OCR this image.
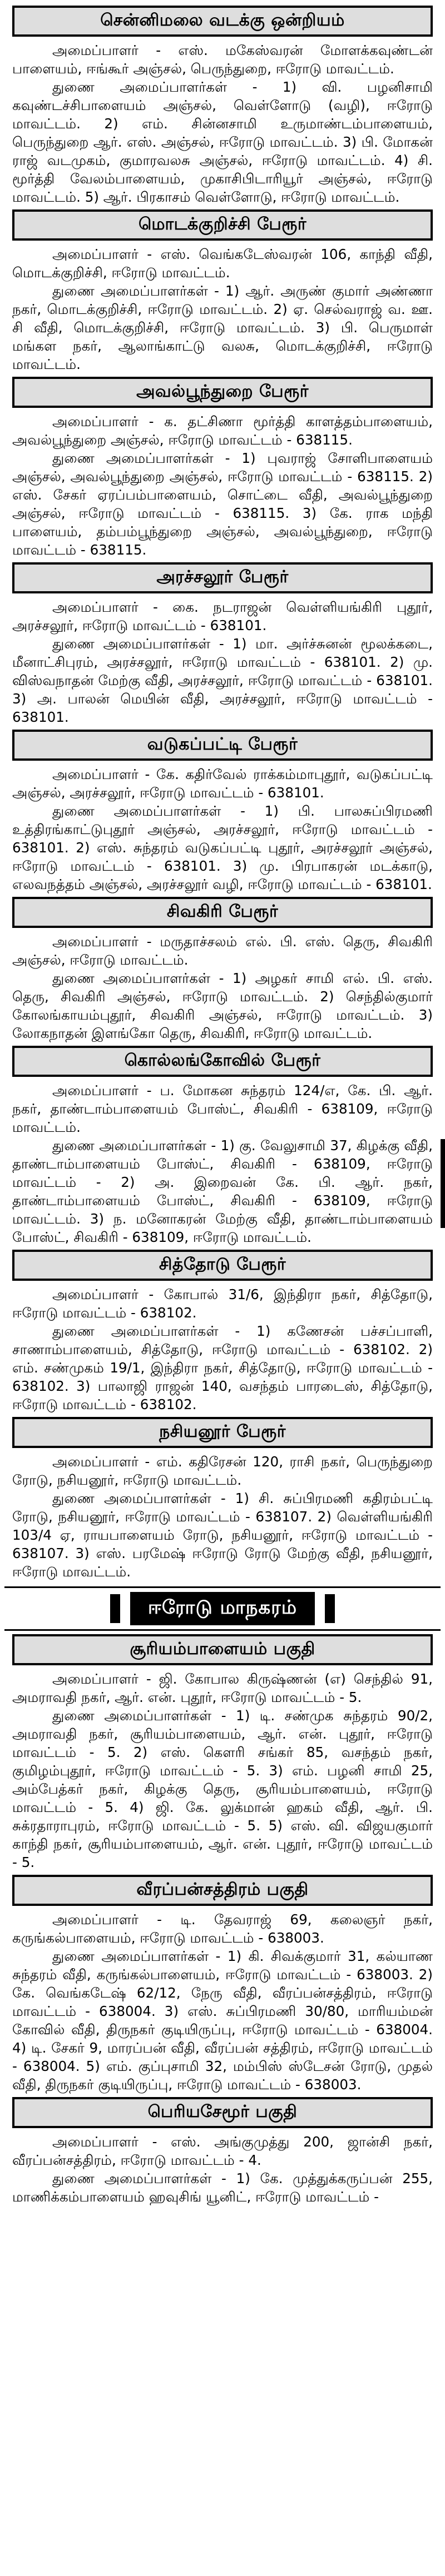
சென்னிமலை வடக்கு ஒன்றியம்

அமைப்பாளர் - எஸ். மகேஸ்வரன் மோளக்கவுண்டன் பாளையம், ஈங்கூர் அஞ்சல், பெருந்துறை, ஈரோடு மாவட்டம்.

துணை அமைப்பாளர்கள் - 1) வி. பழனிசாமி கவுண்டச்சிபாளையம் அஞ்சல், வெள்ளோடு (வழி), ஈரோடு மாவட்டம். 2) எம். சின்னசாமி உருமாண்டம்பாளையம், பெருந்துறை ஆர். எஸ். அஞ்சல், ஈரோடு மாவட்டம். 3) பி. மோகன் ராஜ் வடமுகம், குமாரவலசு அஞ்சல், ஈரோடு மாவட்டம். 4) சி. மூர்த்தி வேலம்பாளையம், முகாசிபிடாரியூர் அஞ்சல், ஈரோடு மாவட்டம். 5) ஆர். பிரகாசம் வெள்ளோடு, ஈரோடு மாவட்டம்.

மொடக்குறிச்சி பேரூர்

அமைப்பாளர் - எஸ். வெங்கடேஸ்வரன் 106, காந்தி வீதி, மொடக்குறிச்சி, ஈரோடு மாவட்டம்.

துணை அமைப்பாளர்கள் - 1) ஆர். அருண் குமார் அண்ணா நகர், மொடக்குறிச்சி, ஈரோடு மாவட்டம். 2) ஏ. செல்வராஜ் வ. ஊ. சி வீதி, மொடக்குறிச்சி, ஈரோடு மாவட்டம். 3) பி. பெருமாள் மங்கள நகர், ஆலாங்காட்டு வலசு, மொடக்குறிச்சி, ஈரோடு மாவட்டம்.

அவல்பூந்துறை பேரூர்

அமைப்பாளர் - க. தட்சிணா மூர்த்தி காளத்தம்பாளையம், அவல்பூந்துறை அஞ்சல், ஈரோடு மாவட்டம் - 638115.

துணை அமைப்பாளர்கள் - 1) புவராஜ் சோளிபாளையம் அஞ்சல், அவல்பூந்துறை அஞ்சல், ஈரோடு மாவட்டம் - 638115. 2) எஸ். சேகர் ஏரப்பம்பாளையம், சொட்டை வீதி, அவல்பூந்துறை அஞ்சல், ஈரோடு மாவட்டம் - 638115. 3) கே. ராக மந்தி பாளையம், தம்பம்பூந்துறை அஞ்சல், அவல்பூந்துறை, ஈரோடு மாவட்டம் - 638115.

அரச்சலூர் பேரூர்

அமைப்பாளர் - கை. நடராஜன் வெள்ளியங்கிரி புதூர், அரச்சலூர், ஈரோடு மாவட்டம் - 638101.

துணை அமைப்பாளர்கள் - 1) மா. அர்ச்சுனன் மூலக்கடை, மீனாட்சிபுரம், அரச்சலூர், ஈரோடு மாவட்டம் - 638101. 2) மு. விஸ்வநாதன் மேற்கு வீதி, அரச்சலூர், ஈரோடு மாவட்டம் - 638101. 3) அ. பாலன் மெயின் வீதி, அரச்சலூர், ஈரோடு மாவட்டம் - 638101.

வடுகப்பட்டி பேரூர்

அமைப்பாளர் - கே. கதிர்வேல் ராக்கம்மாபுதூர், வடுகப்பட்டி அஞ்சல், அரச்சலூர், ஈரோடு மாவட்டம் - 638101.

துணை அமைப்பாளர்கள் - 1) பி. பாலசுப்பிரமணி உத்திரங்காட்டுபுதூர் அஞ்சல், அரச்சலூர், ஈரோடு மாவட்டம் - 638101. 2) எஸ். சுந்தரம் வடுகப்பட்டி புதூர், அரச்சலூர் அஞ்சல், ஈரோடு மாவட்டம் - 638101. 3) மு. பிரபாகரன் மடக்காடு, எலவநத்தம் அஞ்சல், அரச்சலூர் வழி, ஈரோடு மாவட்டம் - 638101.

சிவகிரி பேரூர்

அமைப்பாளர் - மருதாச்சலம் எல். பி. எஸ். தெரு, சிவகிரி அஞ்சல், ஈரோடு மாவட்டம்.

துணை அமைப்பாளர்கள் - 1) அழகர் சாமி எல். பி. எஸ். தெரு, சிவகிரி அஞ்சல், ஈரோடு மாவட்டம். 2) செந்தில்குமார் கோலங்காயம்புதூர், சிவகிரி அஞ்சல், ஈரோடு மாவட்டம். 3) லோகநாதன் இளங்கோ தெரு, சிவகிரி, ஈரோடு மாவட்டம்.

கொல்லங்கோவில் பேரூர்

அமைப்பாளர் - ப. மோகன சுந்தரம் 124/எ, கே. பி. ஆர். நகர், தாண்டாம்பாளையம் போஸ்ட், சிவகிரி - 638109, ஈரோடு மாவட்டம்.

துணை அமைப்பாளர்கள் - 1) கு. வேலுசாமி 37, கிழக்கு வீதி, தாண்டாம்பாளையம் போஸ்ட், சிவகிரி - 638109, ஈரோடு மாவட்டம் - 2) அ. இறைவன் கே. பி. ஆர். நகர், தாண்டாம்பாளையம் போஸ்ட், சிவகிரி - 638109, ஈரோடு மாவட்டம். 3) ந. மனோகரன் மேற்கு வீதி, தாண்டாம்பாளையம் போஸ்ட், சிவகிரி - 638109, ஈரோடு மாவட்டம்.

சித்தோடு பேரூர்

அமைப்பாளர் - கோபால் 31/6, இந்திரா நகர், சித்தோடு, ஈரோடு மாவட்டம் - 638102.

துணை அமைப்பாளர்கள் - 1) கணேசன் பச்சப்பாளி, சாணாம்பாளையம், சித்தோடு, ஈரோடு மாவட்டம் - 638102. 2) எம். சண்முகம் 19/1, இந்திரா நகர், சித்தோடு, ஈரோடு மாவட்டம் - 638102. 3) பாலாஜி ராஜன் 140, வசந்தம் பாரடைஸ், சித்தோடு, ஈரோடு மாவட்டம் - 638102.

நசியனூர் பேரூர்

அமைப்பாளர் - எம். கதிரேசன் 120, ராசி நகர், பெருந்துறை ரோடு, நசியனூர், ஈரோடு மாவட்டம்.

துணை அமைப்பாளர்கள் - 1) சி. சுப்பிரமணி கதிரம்பட்டி ரோடு, நசியனூர், ஈரோடு மாவட்டம் - 638107. 2) வெள்ளியங்கிரி 103/4 ஏ, ராயபாளையம் ரோடு, நசியனூர், ஈரோடு மாவட்டம் - 638107. 3) எஸ். பரமேஷ் ஈரோடு ரோடு மேற்கு வீதி, நசியனூர், ஈரோடு மாவட்டம்.

ஈரோடு மாநகரம்
சூரியம்பாளையம் பகுதி

அமைப்பாளர் - ஜி. கோபால கிருஷ்ணன் (எ) செந்தில் 91, அமராவதி நகர், ஆர். என். புதூர், ஈரோடு மாவட்டம் - 5.

துணை அமைப்பாளர்கள் - 1) டி. சண்முக சுந்தரம் 90/2, அமராவதி நகர், சூரியம்பாளையம், ஆர். என். புதூர், ஈரோடு மாவட்டம் - 5. 2) எஸ். கௌரி சங்கர் 85, வசந்தம் நகர், குமிழம்புதூர், ஈரோடு மாவட்டம் - 5. 3) எம். பழனி சாமி 25, அம்பேத்கர் நகர், கிழக்கு தெரு, சூரியம்பாளையம், ஈரோடு மாவட்டம் - 5. 4) ஜி. கே. லுக்மான் ஹகம் வீதி, ஆர். பி. சுக்ரதாராபுரம், ஈரோடு மாவட்டம் - 5. 5) எஸ். வி. விஜயகுமார் காந்தி நகர், சூரியம்பாளையம், ஆர். என். புதூர், ஈரோடு மாவட்டம் - 5.

வீரப்பன்சத்திரம் பகுதி

அமைப்பாளர் - டி. தேவராஜ் 69, கலைஞர் நகர், கருங்கல்பாளையம், ஈரோடு மாவட்டம் - 638003.

துணை அமைப்பாளர்கள் - 1) கி. சிவக்குமார் 31, கல்யாண சுந்தரம் வீதி, கருங்கல்பாளையம், ஈரோடு மாவட்டம் - 638003. 2) கே. வெங்கடேஷ் 62/12, நேரு வீதி, வீரப்பன்சத்திரம், ஈரோடு மாவட்டம் - 638004. 3) எஸ். சுப்பிரமணி 30/80, மாரியம்மன் கோவில் வீதி, திருநகர் குடியிருப்பு, ஈரோடு மாவட்டம் - 638004. 4) டி. சேகர் 9, மாரப்பன் வீதி, வீரப்பன் சத்திரம், ஈரோடு மாவட்டம் - 638004. 5) எம். குப்புசாமி 32, மம்பிஸ் ஸ்டேசன் ரோடு, முதல் வீதி, திருநகர் குடியிருப்பு, ஈரோடு மாவட்டம் - 638003.

பெரியசேமூர் பகுதி

அமைப்பாளர் - எஸ். அங்குமுத்து 200, ஜான்சி நகர், வீரப்பன்சத்திரம், ஈரோடு மாவட்டம் - 4.

துணை அமைப்பாளர்கள் - 1) கே. முத்துக்கருப்பன் 255, மாணிக்கம்பாளையம் ஹவுசிங் யூனிட், ஈரோடு மாவட்டம் -
